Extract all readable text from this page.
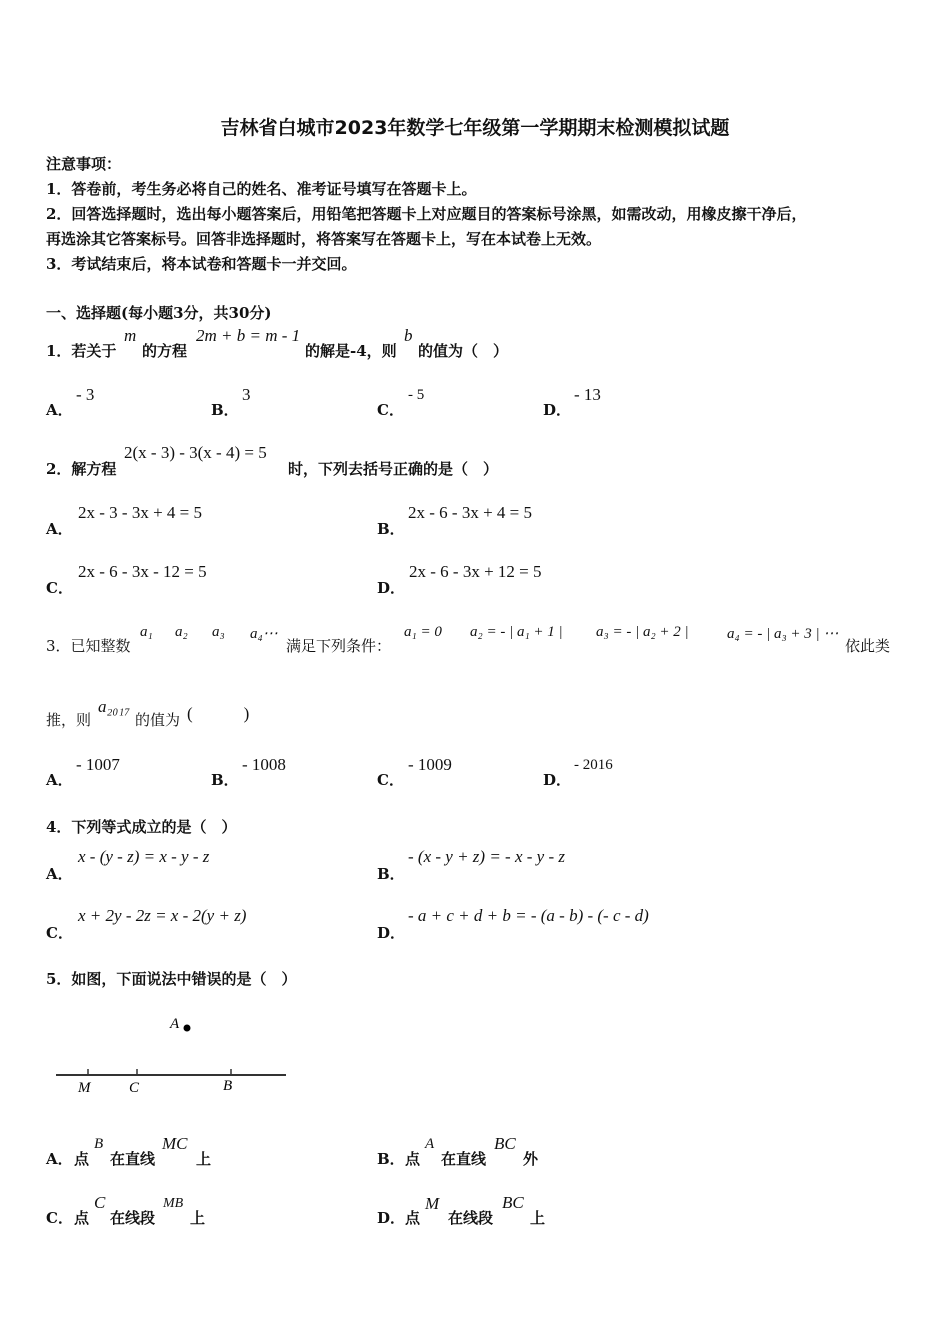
吉林省白城市2023年数学七年级第一学期期末检测模拟试题
注意事项：
1．答卷前，考生务必将自己的姓名、准考证号填写在答题卡上。
2．回答选择题时，选出每小题答案后，用铅笔把答题卡上对应题目的答案标号涂黑，如需改动，用橡皮擦干净后，
再选涂其它答案标号。回答非选择题时，将答案写在答题卡上，写在本试卷上无效。
3．考试结束后，将本试卷和答题卡一并交回。
一、选择题(每小题3分，共30分)
1．若关于
m
的方程
2m + b = m - 1
的解是-4，则
b
的值为（　）
A．
- 3
B．
3
C．
- 5
D．
- 13
2．解方程
2(x - 3) - 3(x - 4) = 5
时，下列去括号正确的是（　）
A．
2x - 3 - 3x + 4 = 5
B．
2x - 6 - 3x + 4 = 5
C．
2x - 6 - 3x - 12 = 5
D．
2x - 6 - 3x + 12 = 5
3．已知整数
a₁ a₂ a₃ a₄⋯
满足下列条件：
a₁ = 0 a₂ = - | a₁ + 1 | a₃ = - | a₂ + 2 |	a₄ = - | a₃ + 3 | ⋯
依此类
推，则
a₂₀₁₇
的值为 (　　　)
A．
- 1007
B．
- 1008
C．
- 1009
D．
- 2016
4．下列等式成立的是（　）
A．
x - (y - z) = x - y - z
B．
- (x - y + z) = - x - y - z
C．
x + 2y - 2z = x - 2(y + z)
D．
- a + c + d + b = - (a - b) - (- c - d)
5．如图，下面说法中错误的是（　）
A
M	C	B
A． 点
B
在直线
MC
上	B． 点
A
在直线
BC
外
C． 点
C
在线段
MB
上	D． 点
M
在线段
BC
上
